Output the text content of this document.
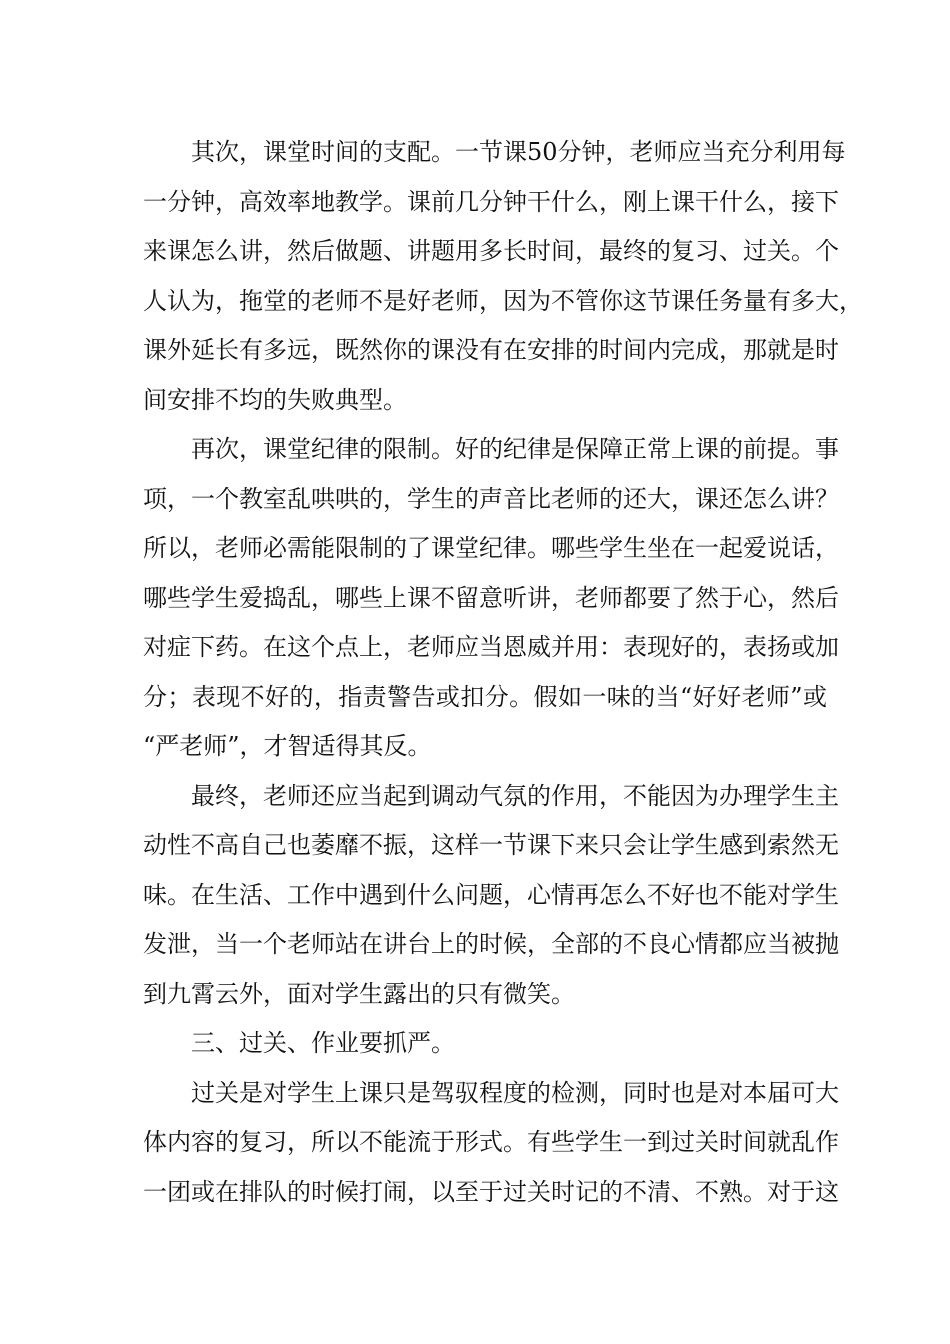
其次，课堂时间的支配。一节课50分钟，老师应当充分利用每
一分钟，高效率地教学。课前几分钟干什么，刚上课干什么，接下
来课怎么讲，然后做题、讲题用多长时间，最终的复习、过关。个
人认为，拖堂的老师不是好老师，因为不管你这节课任务量有多大，
课外延长有多远，既然你的课没有在安排的时间内完成，那就是时
间安排不均的失败典型。
再次，课堂纪律的限制。好的纪律是保障正常上课的前提。事
项，一个教室乱哄哄的，学生的声音比老师的还大，课还怎么讲？
所以，老师必需能限制的了课堂纪律。哪些学生坐在一起爱说话，
哪些学生爱捣乱，哪些上课不留意听讲，老师都要了然于心，然后
对症下药。在这个点上，老师应当恩威并用：表现好的，表扬或加
分；表现不好的，指责警告或扣分。假如一味的当“好好老师”或
“严老师”，才智适得其反。
最终，老师还应当起到调动气氛的作用，不能因为办理学生主
动性不高自己也萎靡不振，这样一节课下来只会让学生感到索然无
味。在生活、工作中遇到什么问题，心情再怎么不好也不能对学生
发泄，当一个老师站在讲台上的时候，全部的不良心情都应当被抛
到九霄云外，面对学生露出的只有微笑。
三、过关、作业要抓严。
过关是对学生上课只是驾驭程度的检测，同时也是对本届可大
体内容的复习，所以不能流于形式。有些学生一到过关时间就乱作
一团或在排队的时候打闹，以至于过关时记的不清、不熟。对于这
